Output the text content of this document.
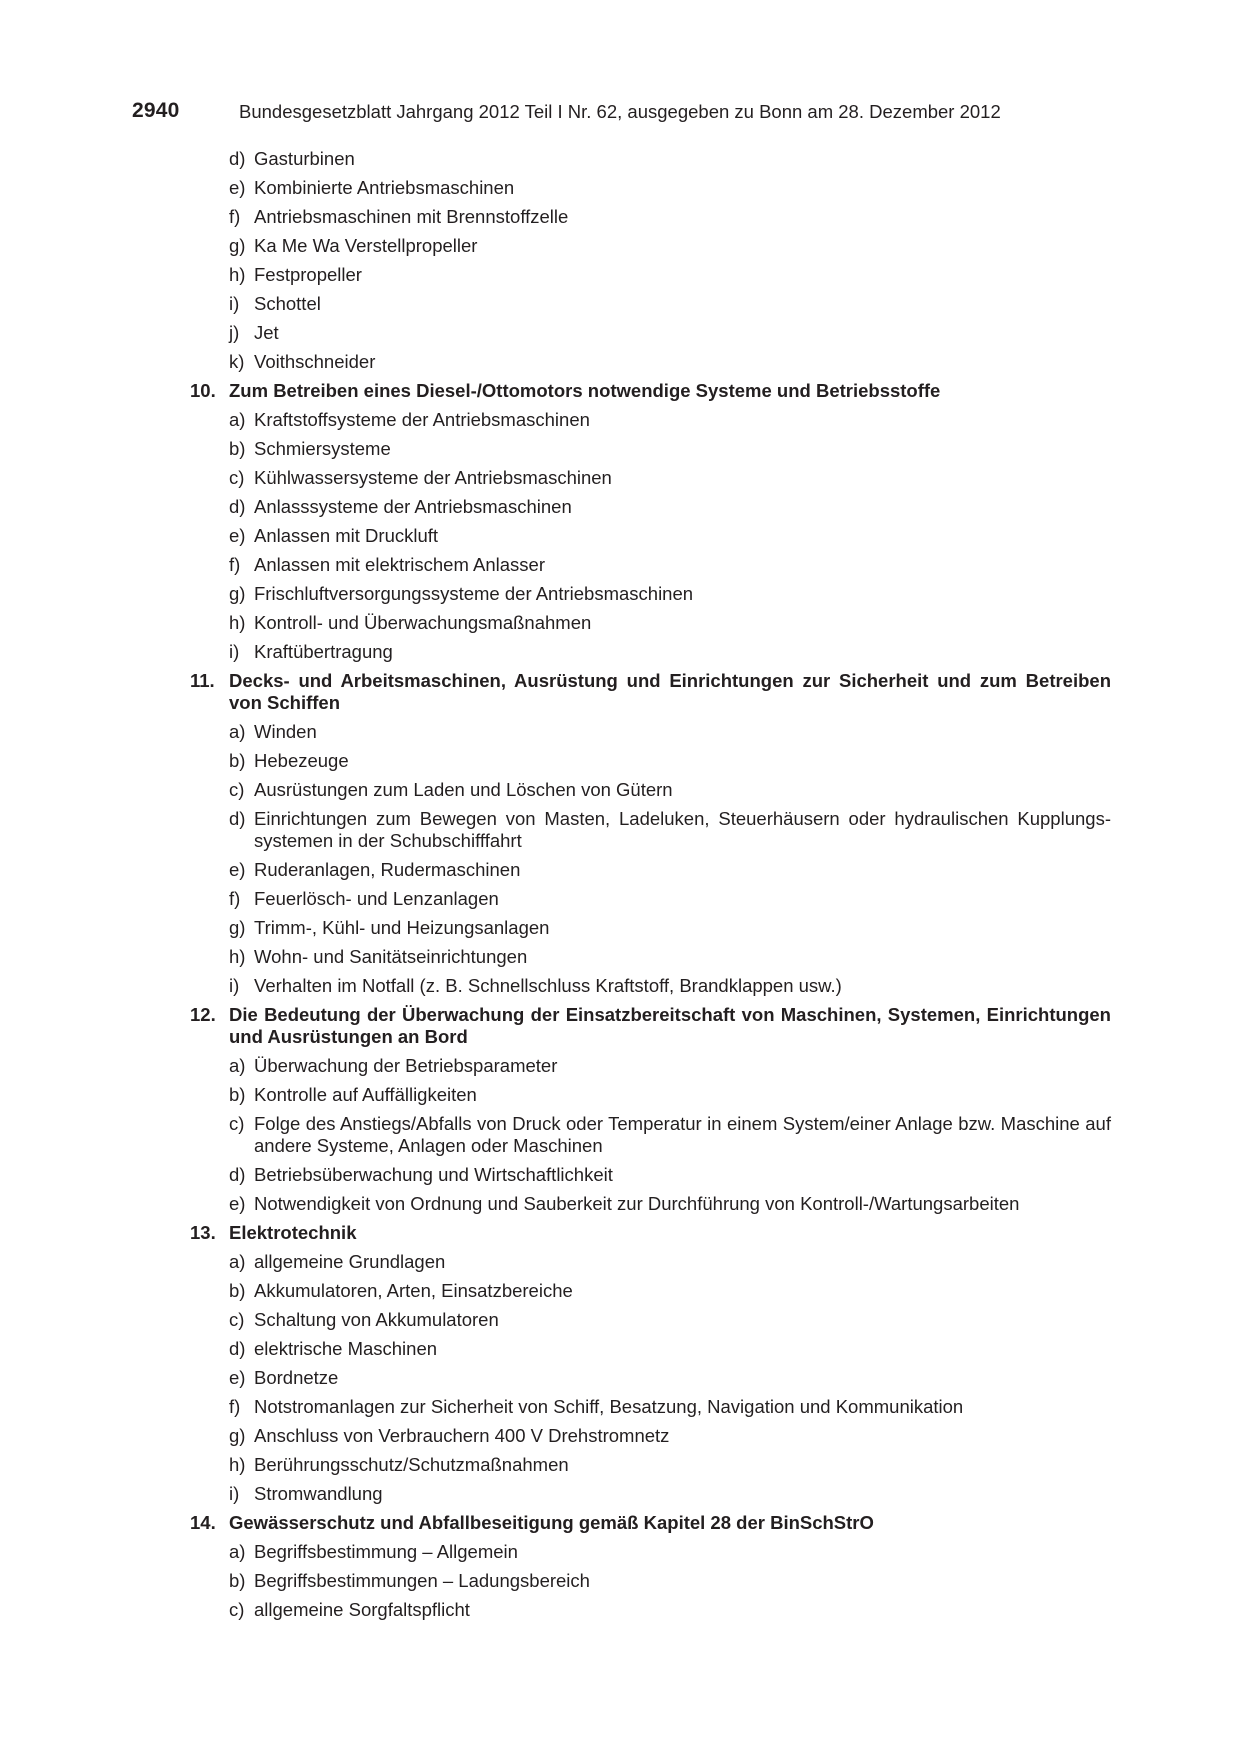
2940	Bundesgesetzblatt Jahrgang 2012 Teil I Nr. 62, ausgegeben zu Bonn am 28. Dezember 2012
d) Gasturbinen
e) Kombinierte Antriebsmaschinen
f) Antriebsmaschinen mit Brennstoffzelle
g) Ka Me Wa Verstellpropeller
h) Festpropeller
i) Schottel
j) Jet
k) Voithschneider
10. Zum Betreiben eines Diesel-/Ottomotors notwendige Systeme und Betriebsstoffe
a) Kraftstoffsysteme der Antriebsmaschinen
b) Schmiersysteme
c) Kühlwassersysteme der Antriebsmaschinen
d) Anlasssysteme der Antriebsmaschinen
e) Anlassen mit Druckluft
f) Anlassen mit elektrischem Anlasser
g) Frischluftversorgungssysteme der Antriebsmaschinen
h) Kontroll- und Überwachungsmaßnahmen
i) Kraftübertragung
11. Decks- und Arbeitsmaschinen, Ausrüstung und Einrichtungen zur Sicherheit und zum Betreiben von Schiffen
a) Winden
b) Hebezeuge
c) Ausrüstungen zum Laden und Löschen von Gütern
d) Einrichtungen zum Bewegen von Masten, Ladeluken, Steuerhäusern oder hydraulischen Kupplungssystemen in der Schubschifffahrt
e) Ruderanlagen, Rudermaschinen
f) Feuerlösch- und Lenzanlagen
g) Trimm-, Kühl- und Heizungsanlagen
h) Wohn- und Sanitätseinrichtungen
i) Verhalten im Notfall (z. B. Schnellschluss Kraftstoff, Brandklappen usw.)
12. Die Bedeutung der Überwachung der Einsatzbereitschaft von Maschinen, Systemen, Einrichtungen und Ausrüstungen an Bord
a) Überwachung der Betriebsparameter
b) Kontrolle auf Auffälligkeiten
c) Folge des Anstiegs/Abfalls von Druck oder Temperatur in einem System/einer Anlage bzw. Maschine auf andere Systeme, Anlagen oder Maschinen
d) Betriebsüberwachung und Wirtschaftlichkeit
e) Notwendigkeit von Ordnung und Sauberkeit zur Durchführung von Kontroll-/Wartungsarbeiten
13. Elektrotechnik
a) allgemeine Grundlagen
b) Akkumulatoren, Arten, Einsatzbereiche
c) Schaltung von Akkumulatoren
d) elektrische Maschinen
e) Bordnetze
f) Notstromanlagen zur Sicherheit von Schiff, Besatzung, Navigation und Kommunikation
g) Anschluss von Verbrauchern 400 V Drehstromnetz
h) Berührungsschutz/Schutzmaßnahmen
i) Stromwandlung
14. Gewässerschutz und Abfallbeseitigung gemäß Kapitel 28 der BinSchStrO
a) Begriffsbestimmung – Allgemein
b) Begriffsbestimmungen – Ladungsbereich
c) allgemeine Sorgfaltspflicht
